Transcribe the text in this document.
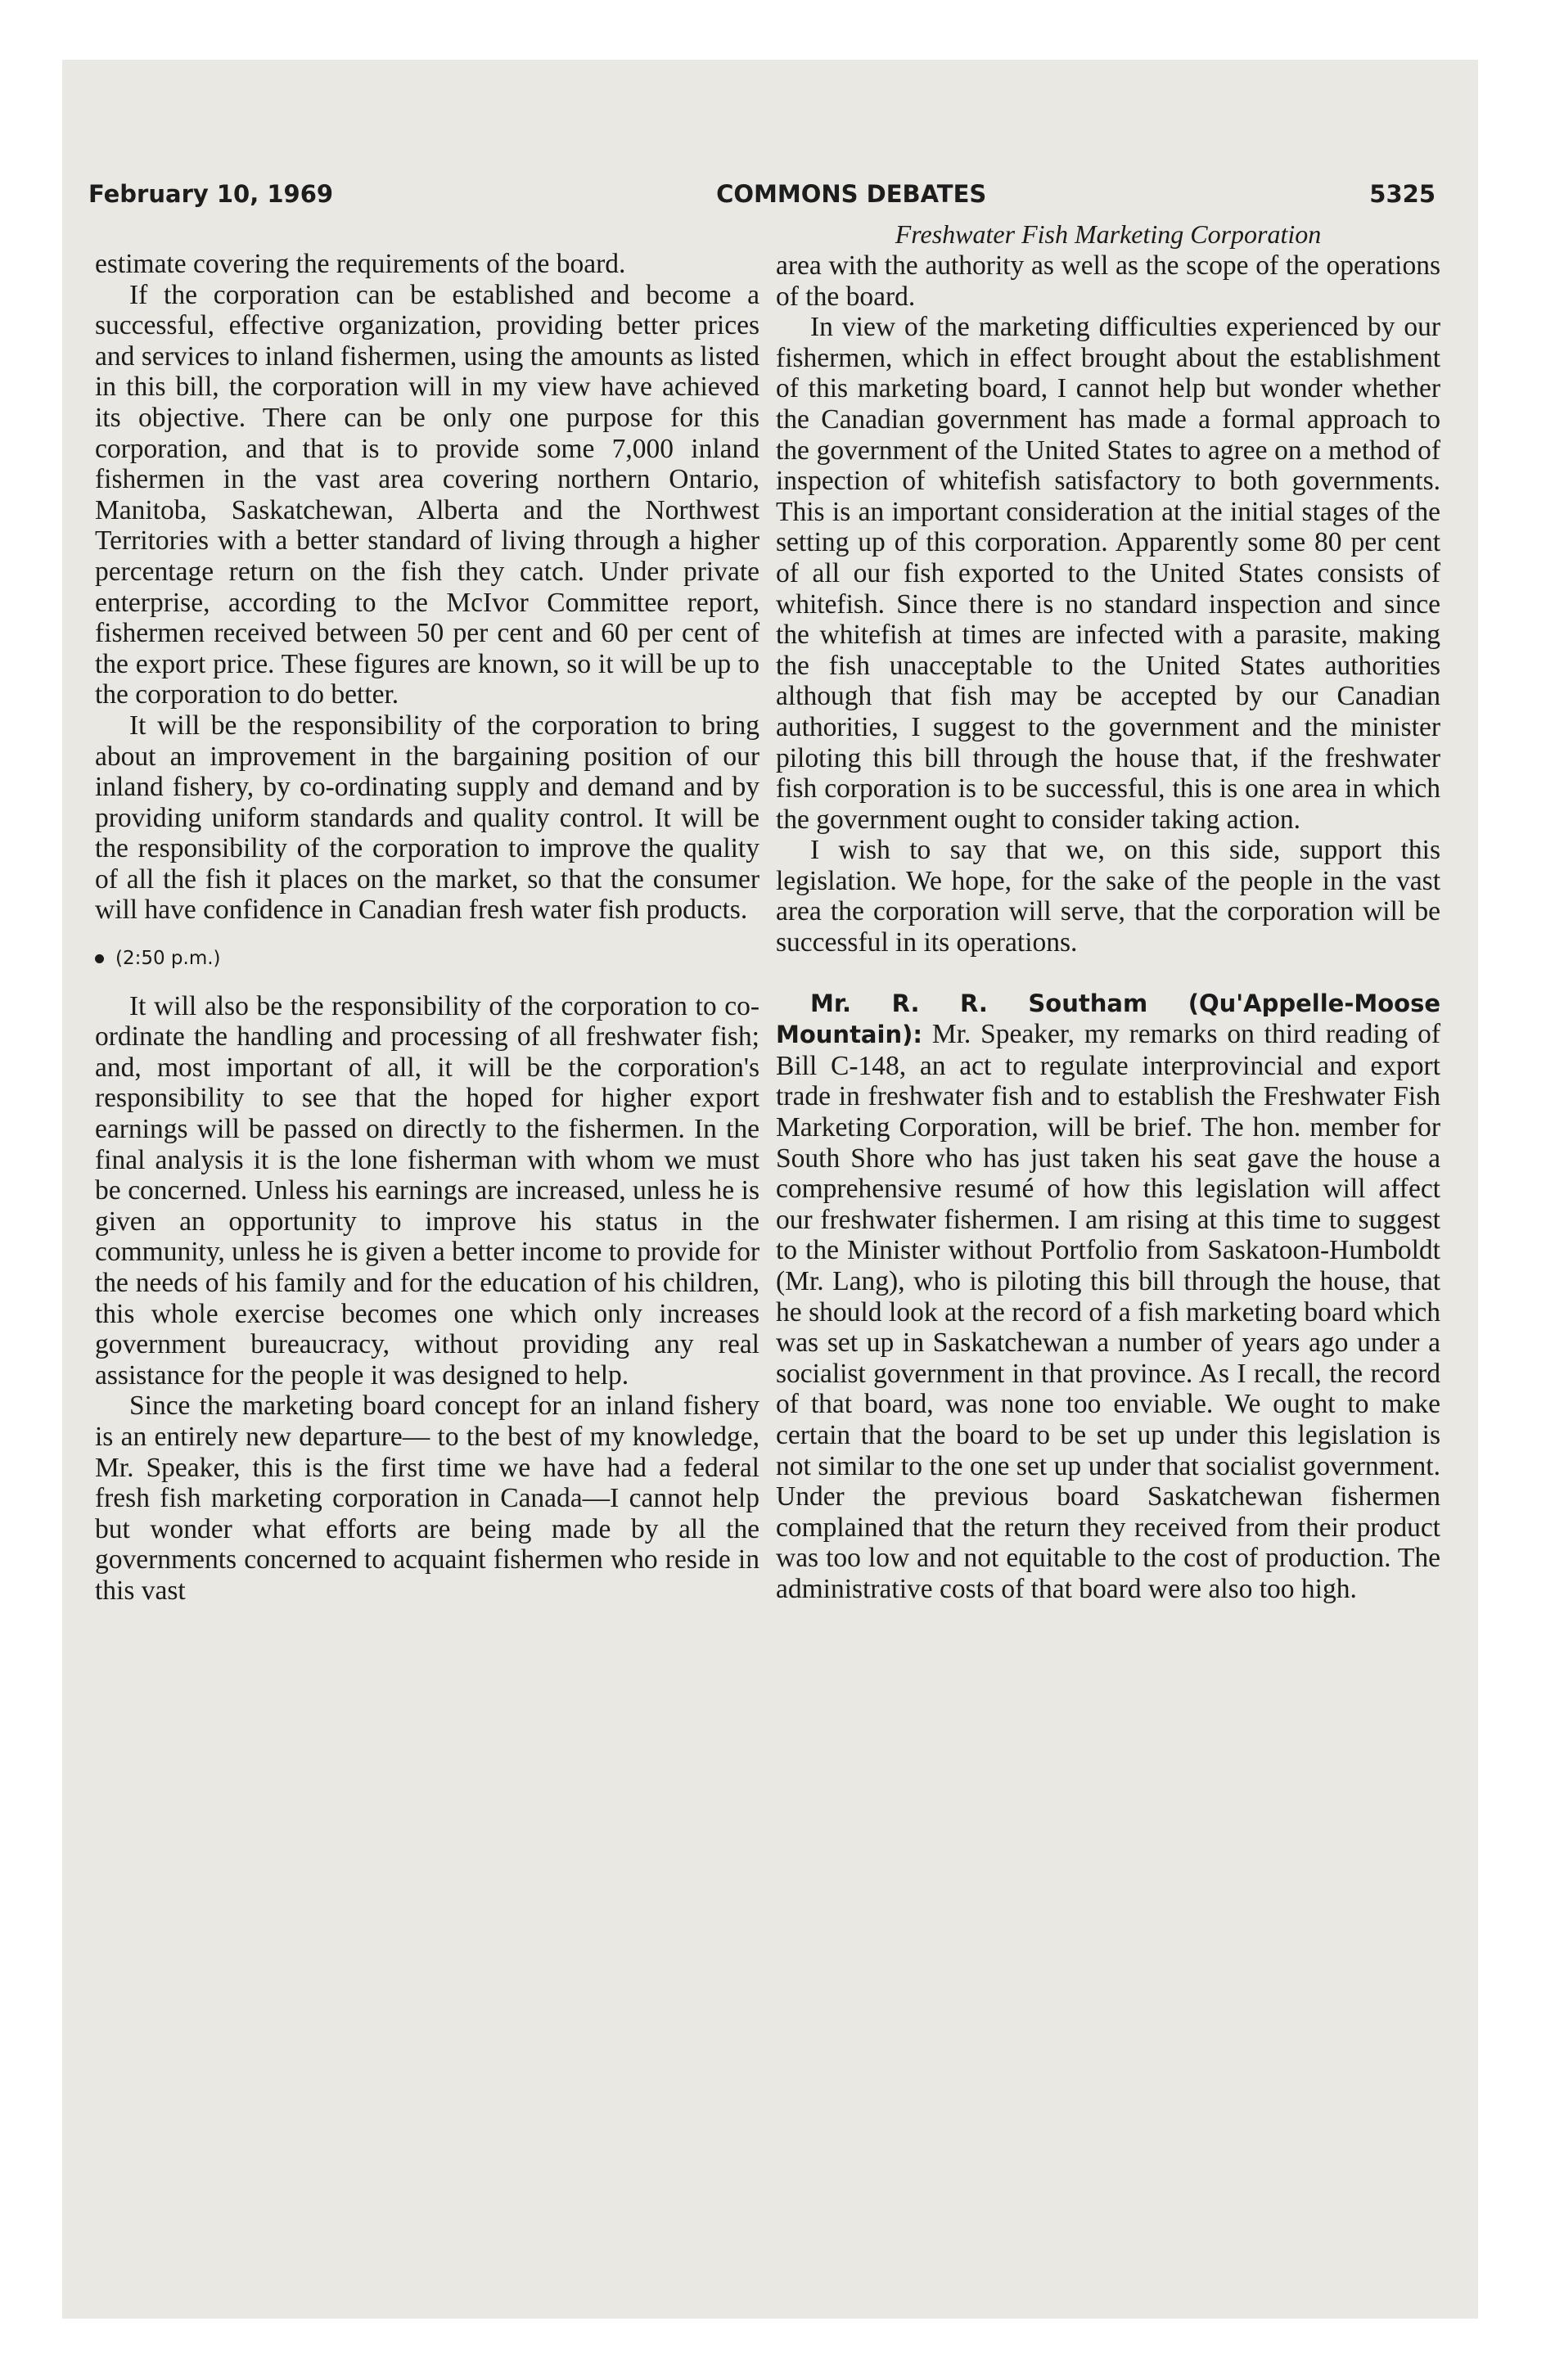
February 10, 1969	COMMONS DEBATES	5325

estimate covering the requirements of the board.

If the corporation can be established and become a successful, effective organization, providing better prices and services to inland fishermen, using the amounts as listed in this bill, the corporation will in my view have achieved its objective. There can be only one purpose for this corporation, and that is to provide some 7,000 inland fishermen in the vast area covering northern Ontario, Manitoba, Saskatchewan, Alberta and the Northwest Territories with a better standard of living through a higher percentage return on the fish they catch. Under private enterprise, according to the McIvor Committee report, fishermen received between 50 per cent and 60 per cent of the export price. These figures are known, so it will be up to the corporation to do better.

It will be the responsibility of the corporation to bring about an improvement in the bargaining position of our inland fishery, by co-ordinating supply and demand and by providing uniform standards and quality control. It will be the responsibility of the corporation to improve the quality of all the fish it places on the market, so that the consumer will have confidence in Canadian fresh water fish products.

(2:50 p.m.)

It will also be the responsibility of the corporation to co-ordinate the handling and processing of all freshwater fish; and, most important of all, it will be the corporation's responsibility to see that the hoped for higher export earnings will be passed on directly to the fishermen. In the final analysis it is the lone fisherman with whom we must be concerned. Unless his earnings are increased, unless he is given an opportunity to improve his status in the community, unless he is given a better income to provide for the needs of his family and for the education of his children, this whole exercise becomes one which only increases government bureaucracy, without providing any real assistance for the people it was designed to help.

Since the marketing board concept for an inland fishery is an entirely new departure— to the best of my knowledge, Mr. Speaker, this is the first time we have had a federal fresh fish marketing corporation in Canada—I cannot help but wonder what efforts are being made by all the governments concerned to acquaint fishermen who reside in this vast

Freshwater Fish Marketing Corporation

area with the authority as well as the scope of the operations of the board.

In view of the marketing difficulties experienced by our fishermen, which in effect brought about the establishment of this marketing board, I cannot help but wonder whether the Canadian government has made a formal approach to the government of the United States to agree on a method of inspection of whitefish satisfactory to both governments. This is an important consideration at the initial stages of the setting up of this corporation. Apparently some 80 per cent of all our fish exported to the United States consists of whitefish. Since there is no standard inspection and since the whitefish at times are infected with a parasite, making the fish unacceptable to the United States authorities although that fish may be accepted by our Canadian authorities, I suggest to the government and the minister piloting this bill through the house that, if the freshwater fish corporation is to be successful, this is one area in which the government ought to consider taking action.

I wish to say that we, on this side, support this legislation. We hope, for the sake of the people in the vast area the corporation will serve, that the corporation will be successful in its operations.

Mr. R. R. Southam (Qu'Appelle-Moose Mountain): Mr. Speaker, my remarks on third reading of Bill C-148, an act to regulate interprovincial and export trade in freshwater fish and to establish the Freshwater Fish Marketing Corporation, will be brief. The hon. member for South Shore who has just taken his seat gave the house a comprehensive resumé of how this legislation will affect our freshwater fishermen. I am rising at this time to suggest to the Minister without Portfolio from Saskatoon-Humboldt (Mr. Lang), who is piloting this bill through the house, that he should look at the record of a fish marketing board which was set up in Saskatchewan a number of years ago under a socialist government in that province. As I recall, the record of that board, was none too enviable. We ought to make certain that the board to be set up under this legislation is not similar to the one set up under that socialist government. Under the previous board Saskatchewan fishermen complained that the return they received from their product was too low and not equitable to the cost of production. The administrative costs of that board were also too high.
